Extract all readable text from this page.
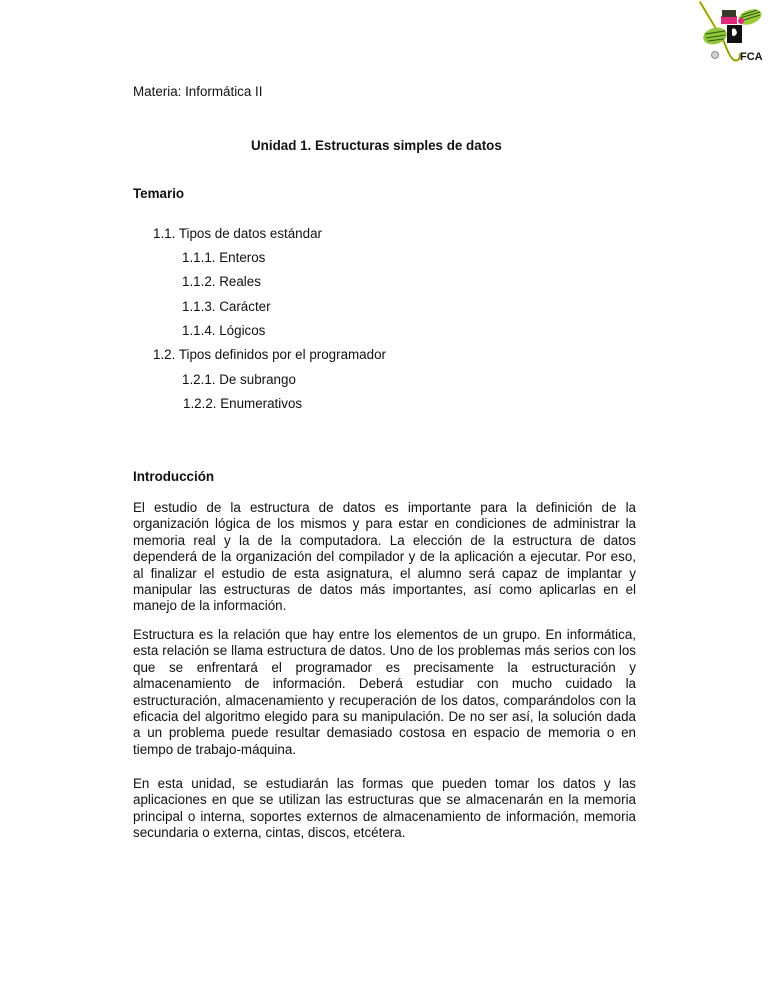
FCA
Materia: Informática II
Unidad 1. Estructuras simples de datos
Temario
1.1. Tipos de datos estándar
1.1.1. Enteros
1.1.2. Reales
1.1.3. Carácter
1.1.4. Lógicos
1.2. Tipos definidos por el programador
1.2.1. De subrango
1.2.2. Enumerativos
Introducción

El estudio de la estructura de datos es importante para la definición de la organización lógica de los mismos y para estar en condiciones de administrar la memoria real y la de la computadora. La elección de la estructura de datos dependerá de la organización del compilador y de la aplicación a ejecutar. Por eso, al finalizar el estudio de esta asignatura, el alumno será capaz de implantar y manipular las estructuras de datos más importantes, así como aplicarlas en el manejo de la información.

Estructura es la relación que hay entre los elementos de un grupo. En informática, esta relación se llama estructura de datos. Uno de los problemas más serios con los que se enfrentará el programador es precisamente la estructuración y almacenamiento de información. Deberá estudiar con mucho cuidado la estructuración, almacenamiento y recuperación de los datos, comparándolos con la eficacia del algoritmo elegido para su manipulación. De no ser así, la solución dada a un problema puede resultar demasiado costosa en espacio de memoria o en tiempo de trabajo-máquina.

En esta unidad, se estudiarán las formas que pueden tomar los datos y las aplicaciones en que se utilizan las estructuras que se almacenarán en la memoria principal o interna, soportes externos de almacenamiento de información, memoria secundaria o externa, cintas, discos, etcétera.
